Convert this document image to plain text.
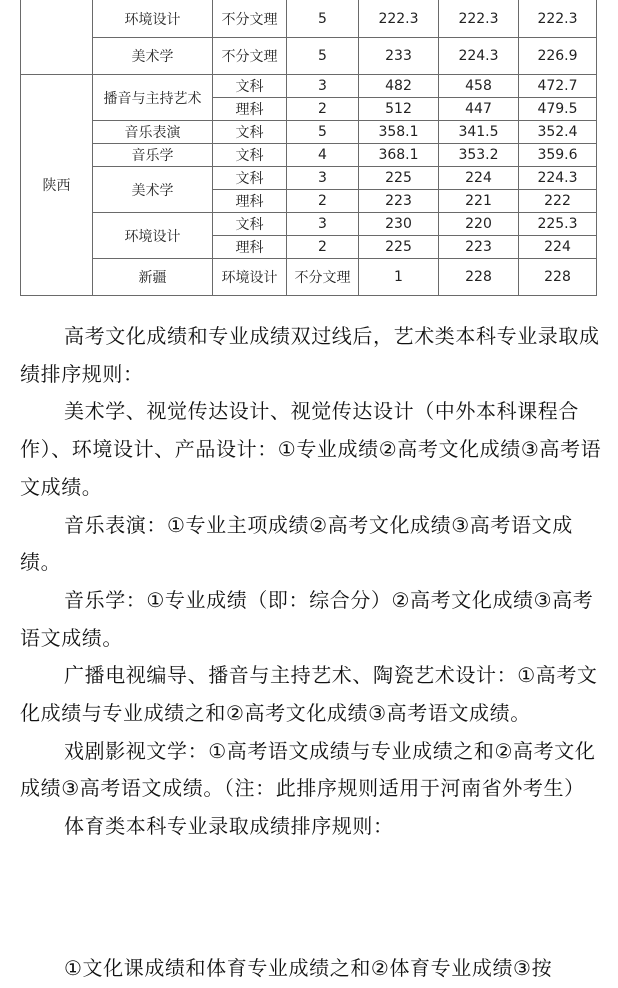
	环境设计	不分文理	5	222.3	222.3	222.3	
	美术学	不分文理	5	233	224.3	226.9	
陕西	播音与主持艺术	文科	3	482	458	472.7	
		理科	2	512	447	479.5	
	音乐表演	文科	5	358.1	341.5	352.4	
	音乐学	文科	4	368.1	353.2	359.6	
	美术学	文科	3	225	224	224.3	
		理科	2	223	221	222	
	环境设计	文科	3	230	220	225.3	
		理科	2	225	223	224	
	新疆	环境设计	不分文理	1	228	228	

高考文化成绩和专业成绩双过线后，艺术类本科专业录取成绩排序规则：

美术学、视觉传达设计、视觉传达设计（中外本科课程合作）、环境设计、产品设计：①专业成绩②高考文化成绩③高考语文成绩。

音乐表演：①专业主项成绩②高考文化成绩③高考语文成绩。

音乐学：①专业成绩（即：综合分）②高考文化成绩③高考语文成绩。

广播电视编导、播音与主持艺术、陶瓷艺术设计：①高考文化成绩与专业成绩之和②高考文化成绩③高考语文成绩。

戏剧影视文学：①高考语文成绩与专业成绩之和②高考文化成绩③高考语文成绩。（注：此排序规则适用于河南省外考生）

体育类本科专业录取成绩排序规则：

①文化课成绩和体育专业成绩之和②体育专业成绩③按
